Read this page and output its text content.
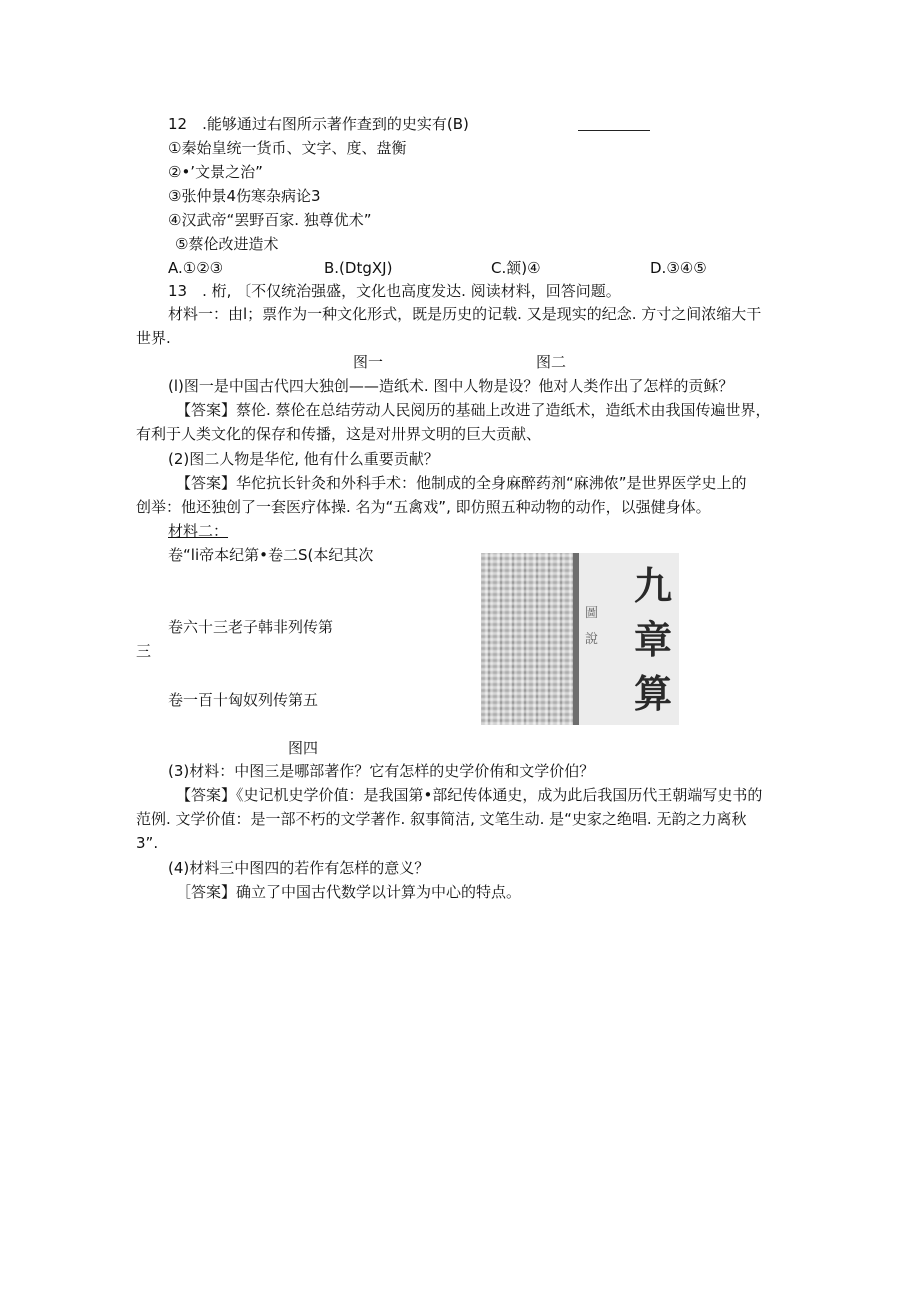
12　.能够通过右图所示著作查到的史实有(B)
①秦始皇统一货币、文字、度、盘衡
②•’文景之治”
③张仲景4伤寒杂病论3
④汉武帝“罢野百家. 独尊优术”
⑤蔡伦改进造术
A.①②③	B.(DtgXJ)	C.颔)④	D.③④⑤
13　. 桁, 〔不仅统治强盛，文化也高度发达. 阅读材料，回答问题。
材料一：由l；票作为一种文化形式，既是历史的记载. 又是现实的纪念. 方寸之间浓缩大干
世界.
图一	图二
(l)图一是中国古代四大独创——造纸术. 图中人物是设？他对人类作出了怎样的贡稣？
【答案】蔡伦. 蔡伦在总结劳动人民阅历的基础上改进了造纸术，造纸术由我国传遍世界，
有利于人类文化的保存和传播，这是对卅界文明的巨大贡献、
(2)图二人物是华佗, 他有什么重要贡献？
【答案】华佗抗长针灸和外科手术：他制成的全身麻醉药剂“麻沸侬”是世界医学史上的
创举：他还独创了一套医疗体操. 名为“五禽戏”, 即仿照五种动物的动作，以强健身体。
材料二：
卷“li帝本纪第•卷二S(本纪其次
卷六十三老子韩非列传第
三
卷一百十匈奴列传第五
圖
說
九
章
算
图四
(3)材料：中图三是哪部著作？它有怎样的史学价侑和文学价伯？
【答案】《史记机史学价值：是我国第•部纪传体通史，成为此后我国历代王朝端写史书的
范例. 文学价值：是一部不朽的文学著作. 叙事简洁, 文笔生动. 是“史家之绝唱. 无韵之力离秋
3”.
(4)材料三中图四的若作有怎样的意义？
［答案】确立了中国古代数学以计算为中心的特点。
